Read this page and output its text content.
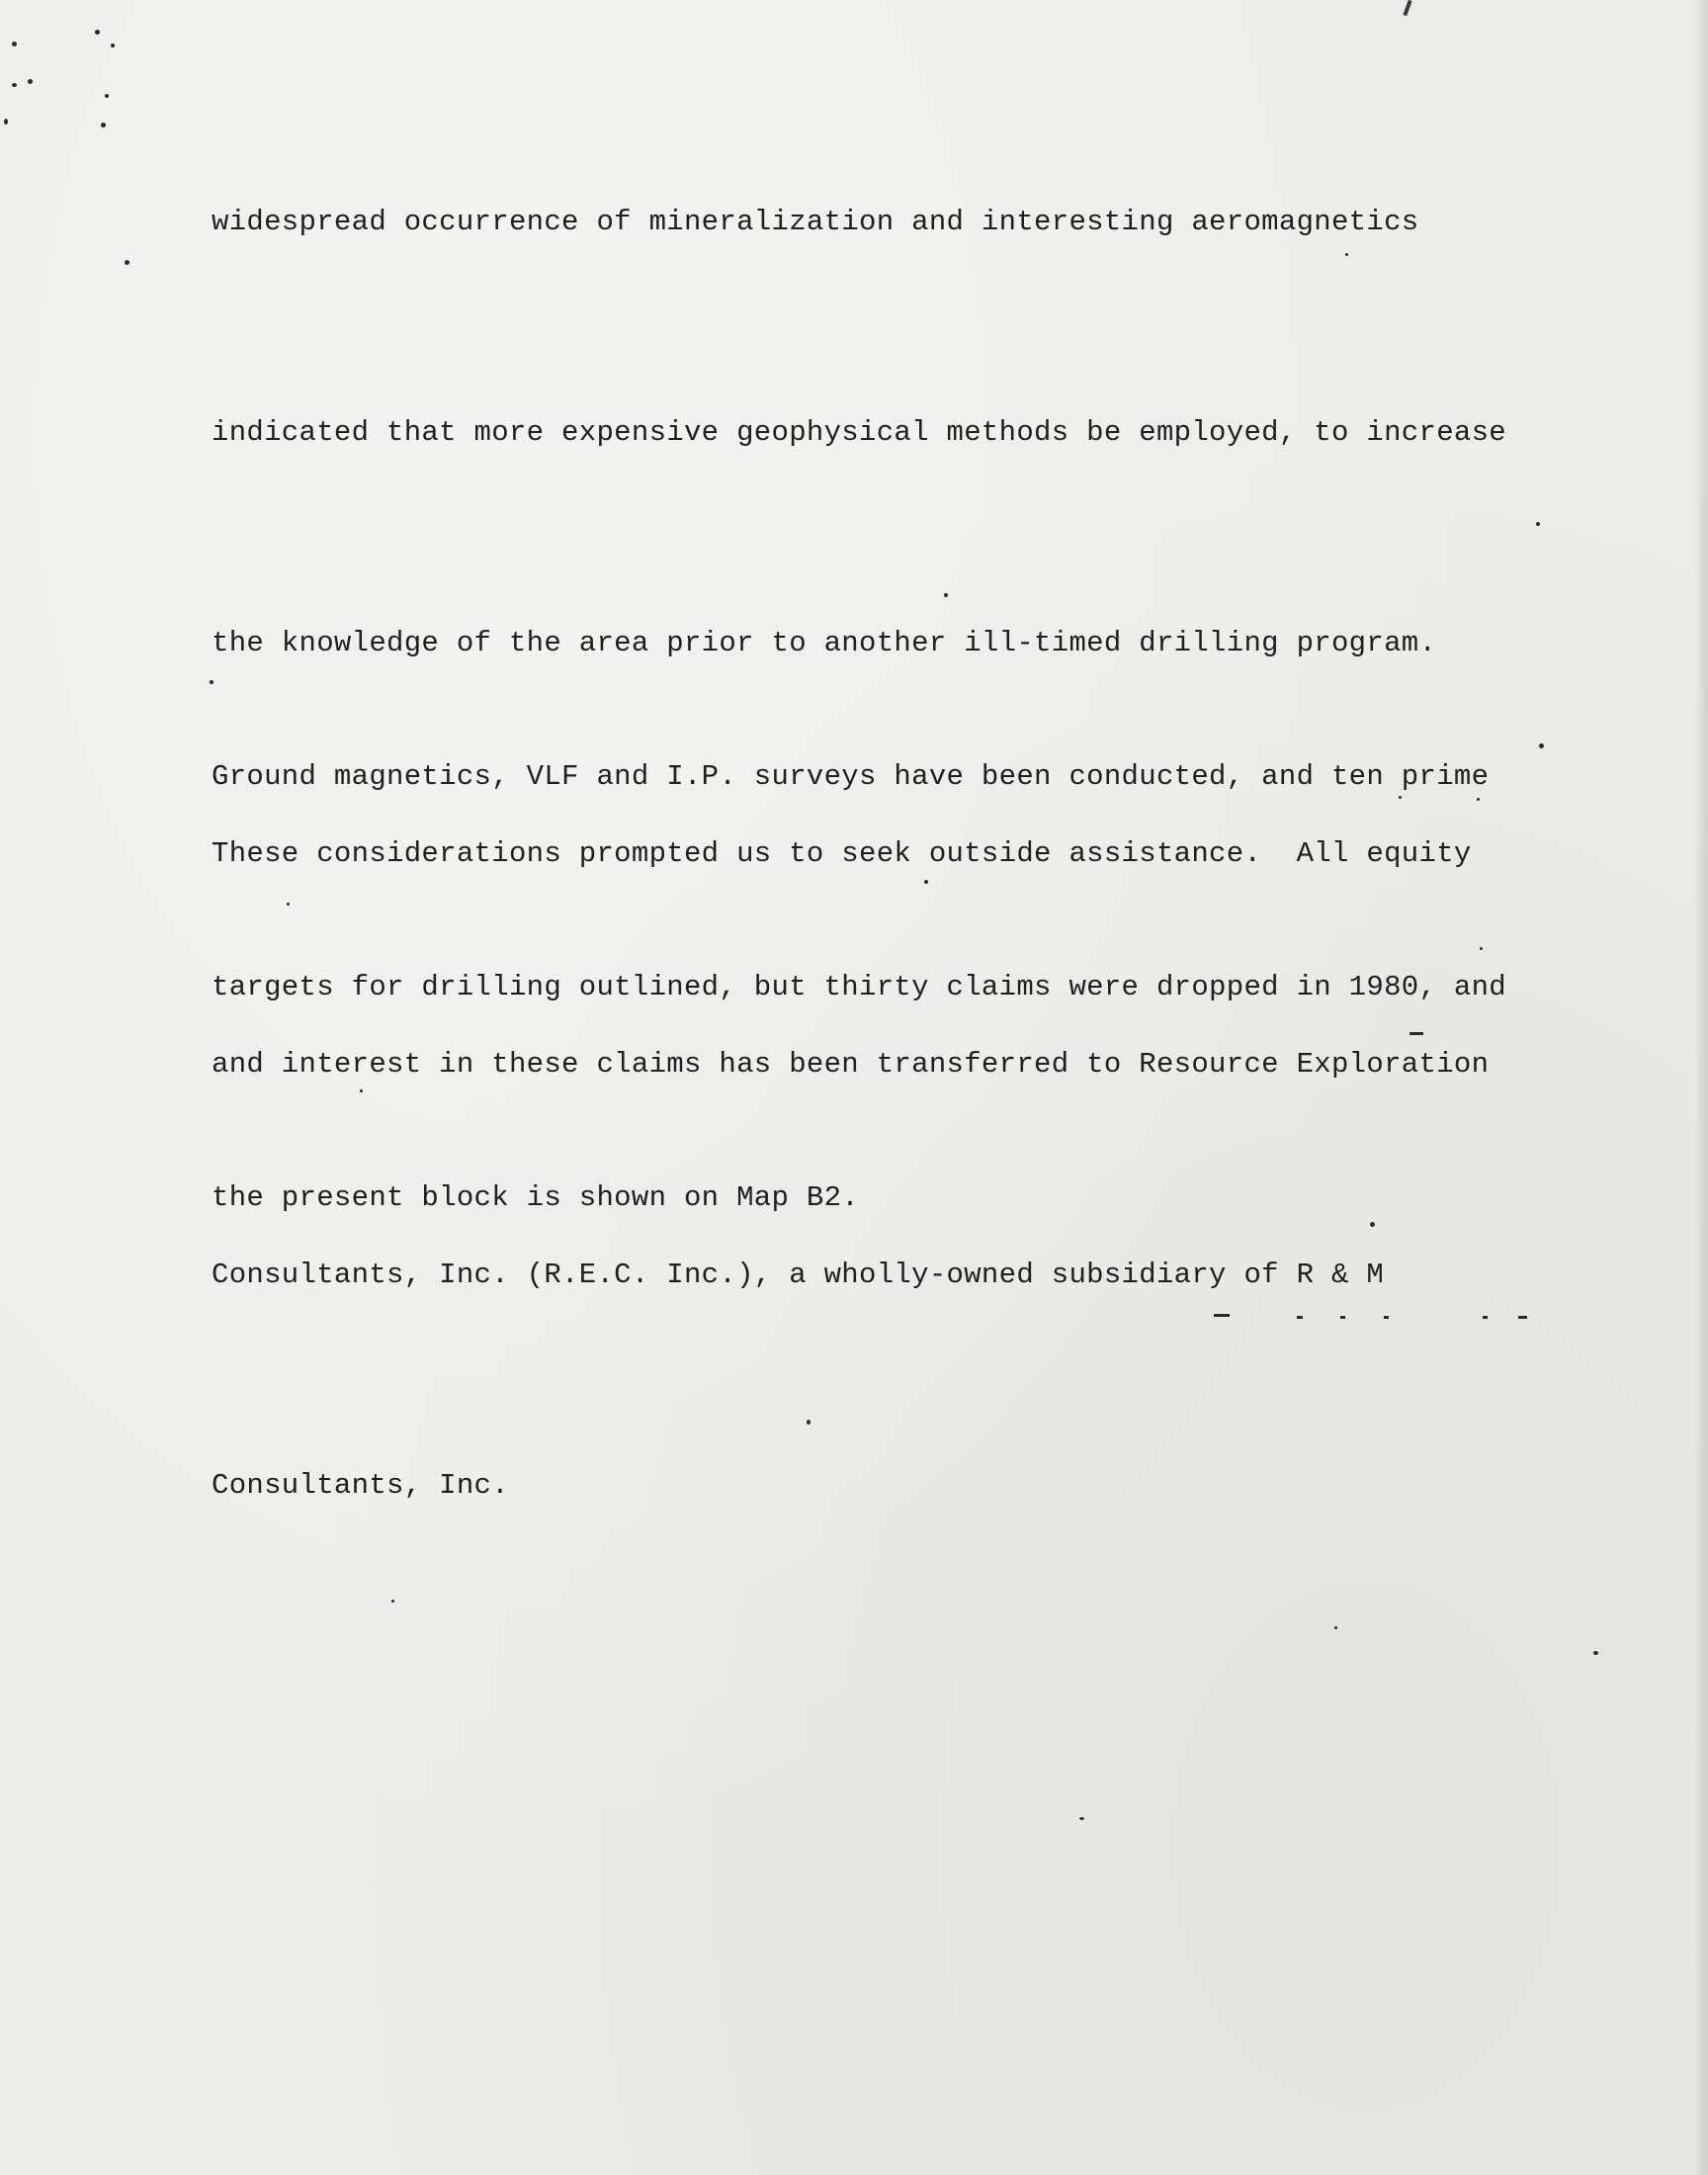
widespread occurrence of mineralization and interesting aeromagnetics

indicated that more expensive geophysical methods be employed, to increase

the knowledge of the area prior to another ill-timed drilling program.

These considerations prompted us to seek outside assistance.  All equity

and interest in these claims has been transferred to Resource Exploration

Consultants, Inc. (R.E.C. Inc.), a wholly-owned subsidiary of R & M

Consultants, Inc.

Ground magnetics, VLF and I.P. surveys have been conducted, and ten prime

targets for drilling outlined, but thirty claims were dropped in 1980, and

the present block is shown on Map B2.
